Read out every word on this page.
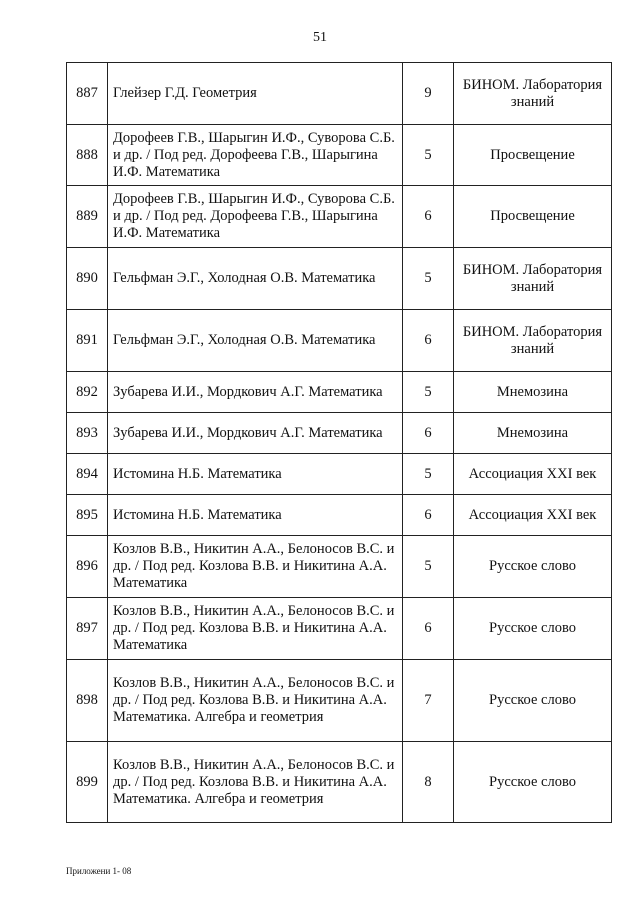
51
887	Глейзер Г.Д. Геометрия	9	БИНОМ. Лаборатория знаний
888	Дорофеев Г.В., Шарыгин И.Ф., Суворова С.Б. и др. / Под ред. Дорофеева Г.В., Шарыгина И.Ф. Математика	5	Просвещение
889	Дорофеев Г.В., Шарыгин И.Ф., Суворова С.Б. и др. / Под ред. Дорофеева Г.В., Шарыгина И.Ф. Математика	6	Просвещение
890	Гельфман Э.Г., Холодная О.В. Математика	5	БИНОМ. Лаборатория знаний
891	Гельфман Э.Г., Холодная О.В. Математика	6	БИНОМ. Лаборатория знаний
892	Зубарева И.И., Мордкович А.Г. Математика	5	Мнемозина
893	Зубарева И.И., Мордкович А.Г. Математика	6	Мнемозина
894	Истомина Н.Б. Математика	5	Ассоциация XXI век
895	Истомина Н.Б. Математика	6	Ассоциация XXI век
896	Козлов В.В., Никитин А.А., Белоносов В.С. и др. / Под ред. Козлова В.В. и Никитина А.А. Математика	5	Русское слово
897	Козлов В.В., Никитин А.А., Белоносов В.С. и др. / Под ред. Козлова В.В. и Никитина А.А. Математика	6	Русское слово
898	Козлов В.В., Никитин А.А., Белоносов В.С. и др. / Под ред. Козлова В.В. и Никитина А.А. Математика. Алгебра и геометрия	7	Русское слово
899	Козлов В.В., Никитин А.А., Белоносов В.С. и др. / Под ред. Козлова В.В. и Никитина А.А. Математика. Алгебра и геометрия	8	Русское слово
Приложени 1- 08
